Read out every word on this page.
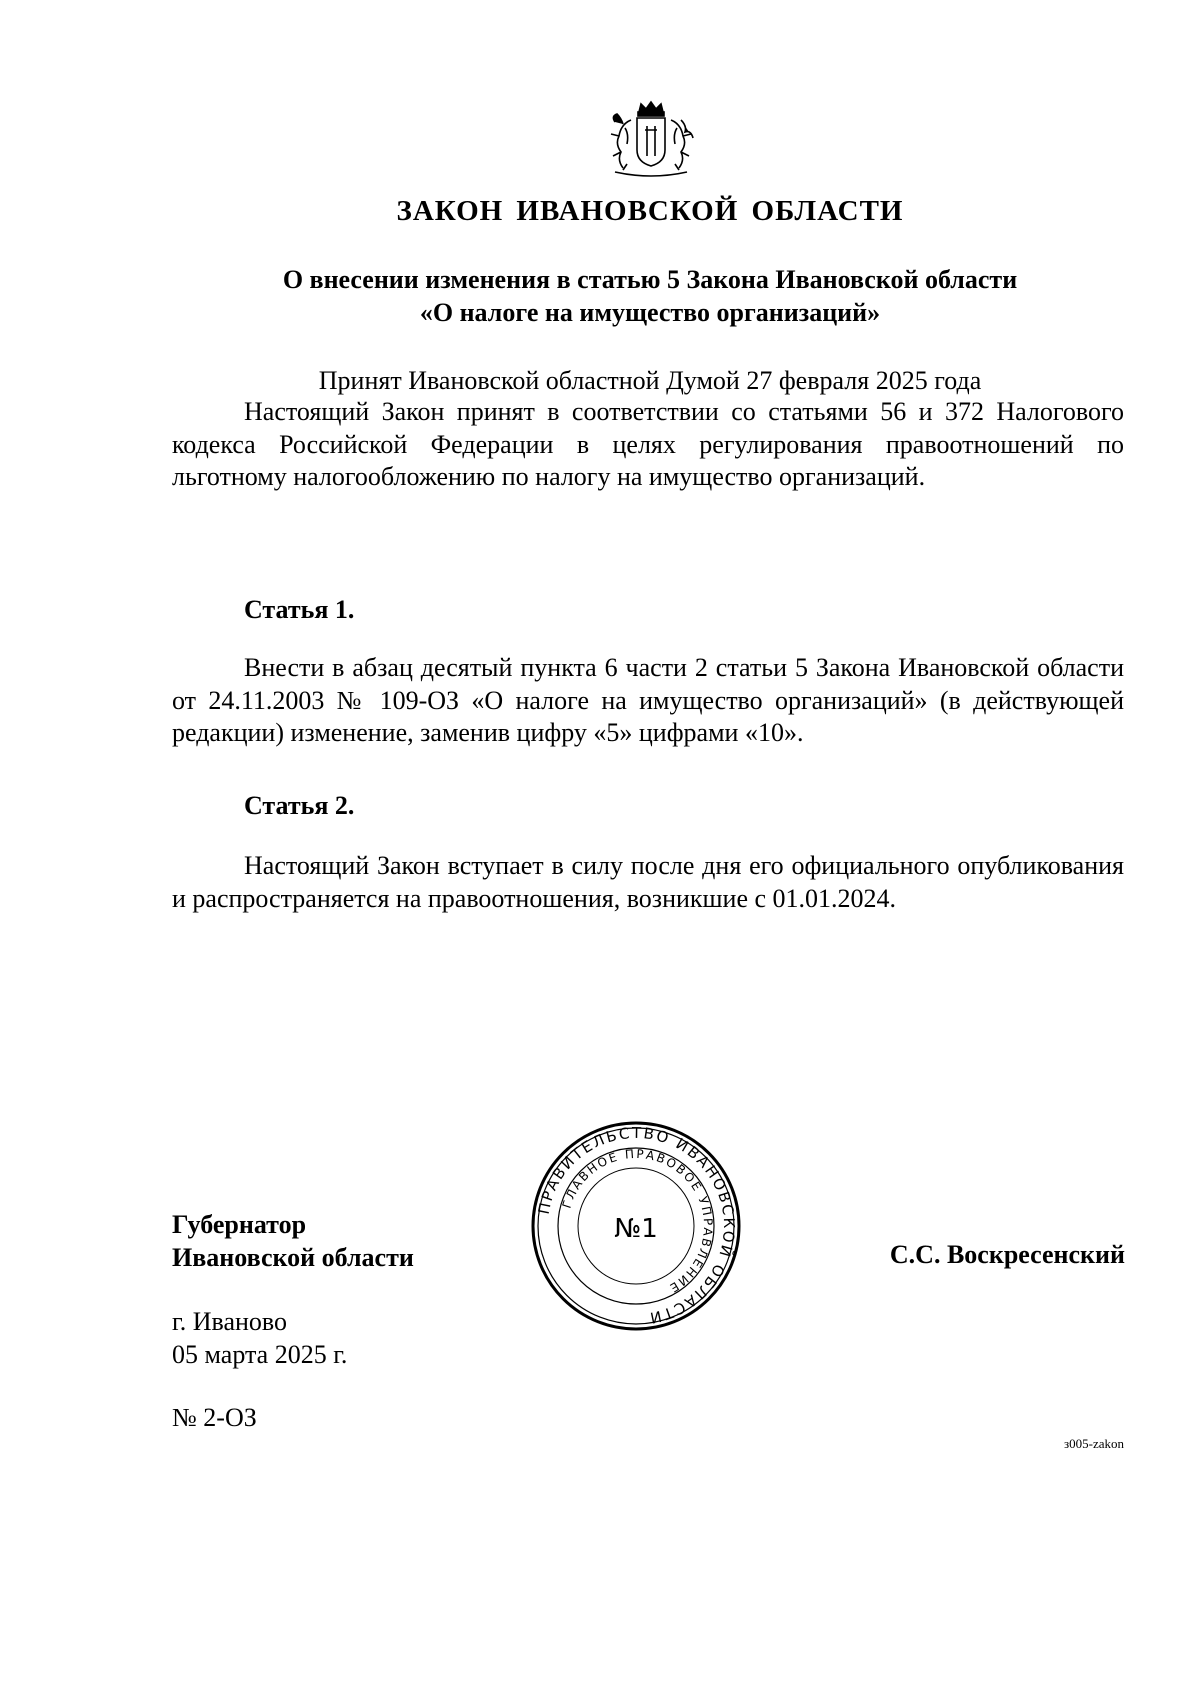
ЗАКОН ИВАНОВСКОЙ ОБЛАСТИ
О внесении изменения в статью 5 Закона Ивановской области
«О налоге на имущество организаций»
Принят Ивановской областной Думой 27 февраля 2025 года

Настоящий Закон принят в соответствии со статьями 56 и 372 Налогового кодекса Российской Федерации в целях регулирования правоотношений по льготному налогообложению по налогу на имущество организаций.

Статья 1.

Внести в абзац десятый пункта 6 части 2 статьи 5 Закона Ивановской области от 24.11.2003 № 109-ОЗ «О налоге на имущество организаций» (в действующей редакции) изменение, заменив цифру «5» цифрами «10».

Статья 2.

Настоящий Закон вступает в силу после дня его официального опубликования и распространяется на правоотношения, возникшие с 01.01.2024.

Губернатор
Ивановской области
ПРАВИТЕЛЬСТВО ИВАНОВСКОЙ ОБЛАСТИ
ГЛАВНОЕ ПРАВОВОЕ УПРАВЛЕНИЕ
№1
С.С. Воскресенский
г. Иваново
05 марта 2025 г.
№ 2-ОЗ
з005-zakon
